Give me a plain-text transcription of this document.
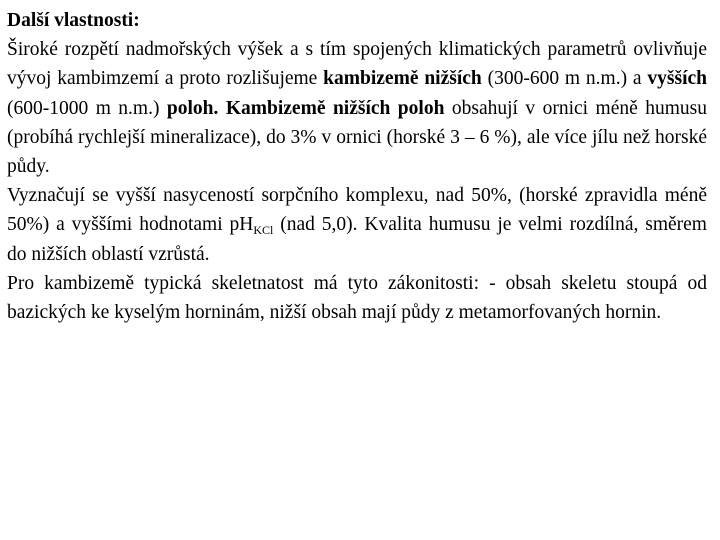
Další vlastnosti:

Široké rozpětí nadmořských výšek a s tím spojených klimatických parametrů ovlivňuje vývoj kambimzemí a proto rozlišujeme kambizemě nižších (300-600 m n.m.) a vyšších (600-1000 m n.m.) poloh. Kambizemě nižších poloh obsahují v ornici méně humusu (probíhá rychlejší mineralizace), do 3% v ornici (horské 3 – 6 %), ale více jílu než horské půdy.

Vyznačují se vyšší nasyceností sorpčního komplexu, nad 50%, (horské zpravidla méně 50%) a vyššími hodnotami $pH_{KCl}$ (nad 5,0). Kvalita humusu je velmi rozdílná, směrem do nižších oblastí vzrůstá.

Pro kambizemě typická skeletnatost má tyto zákonitosti: - obsah skeletu stoupá od bazických ke kyselým horninám, nižší obsah mají půdy z metamorfovaných hornin.
